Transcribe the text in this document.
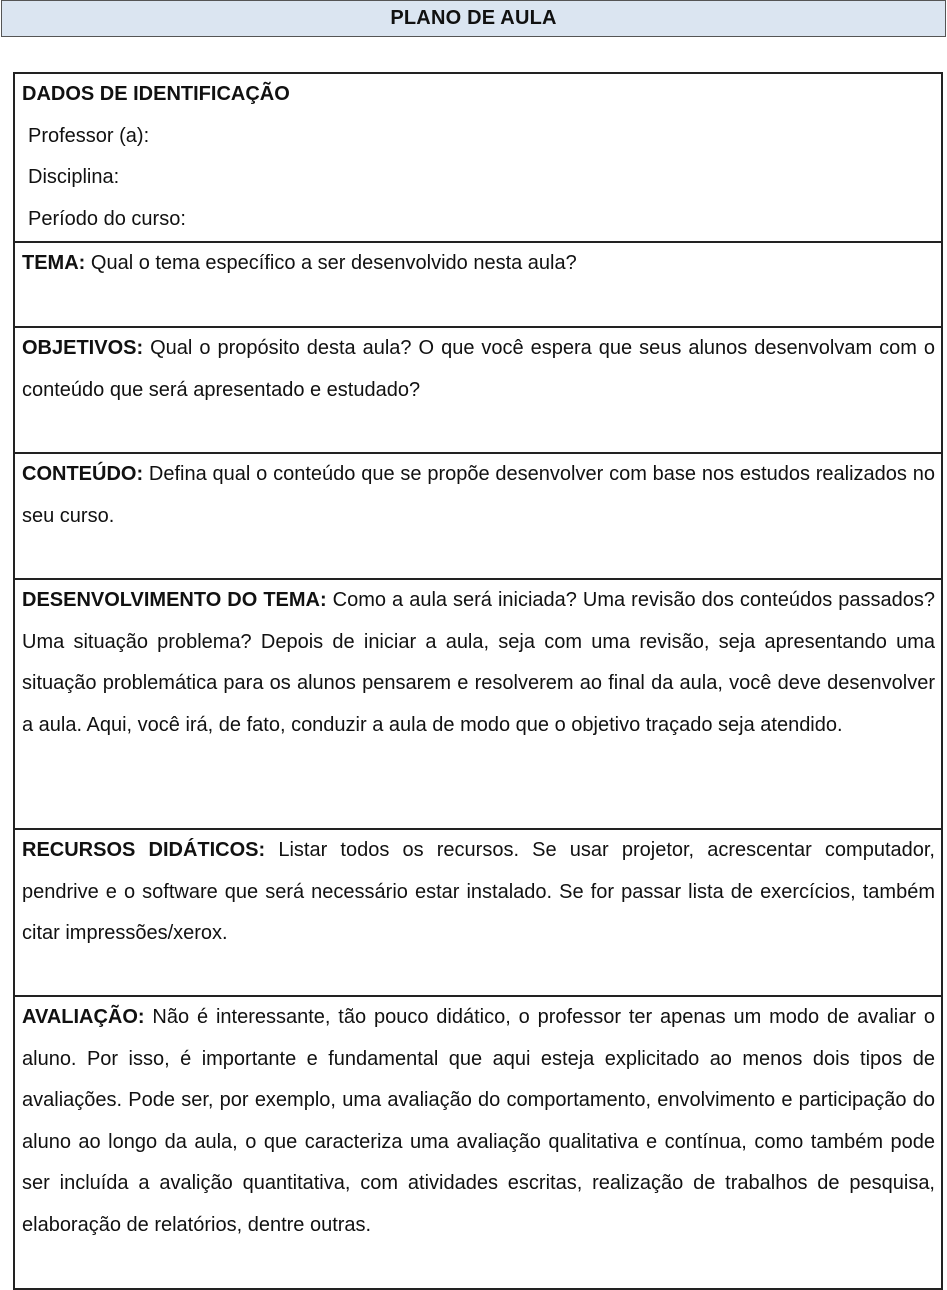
PLANO DE AULA
DADOS DE IDENTIFICAÇÃO
Professor (a):
Disciplina:
Período do curso:

TEMA: Qual o tema específico a ser desenvolvido nesta aula?

OBJETIVOS: Qual o propósito desta aula? O que você espera que seus alunos desenvolvam com o conteúdo que será apresentado e estudado?

CONTEÚDO: Defina qual o conteúdo que se propõe desenvolver com base nos estudos realizados no seu curso.

DESENVOLVIMENTO DO TEMA: Como a aula será iniciada? Uma revisão dos conteúdos passados? Uma situação problema? Depois de iniciar a aula, seja com uma revisão, seja apresentando uma situação problemática para os alunos pensarem e resolverem ao final da aula, você deve desenvolver a aula. Aqui, você irá, de fato, conduzir a aula de modo que o objetivo traçado seja atendido.

RECURSOS DIDÁTICOS: Listar todos os recursos. Se usar projetor, acrescentar computador, pendrive e o software que será necessário estar instalado. Se for passar lista de exercícios, também citar impressões/xerox.

AVALIAÇÃO: Não é interessante, tão pouco didático, o professor ter apenas um modo de avaliar o aluno. Por isso, é importante e fundamental que aqui esteja explicitado ao menos dois tipos de avaliações. Pode ser, por exemplo, uma avaliação do comportamento, envolvimento e participação do aluno ao longo da aula, o que caracteriza uma avaliação qualitativa e contínua, como também pode ser incluída a avalição quantitativa, com atividades escritas, realização de trabalhos de pesquisa, elaboração de relatórios, dentre outras.
